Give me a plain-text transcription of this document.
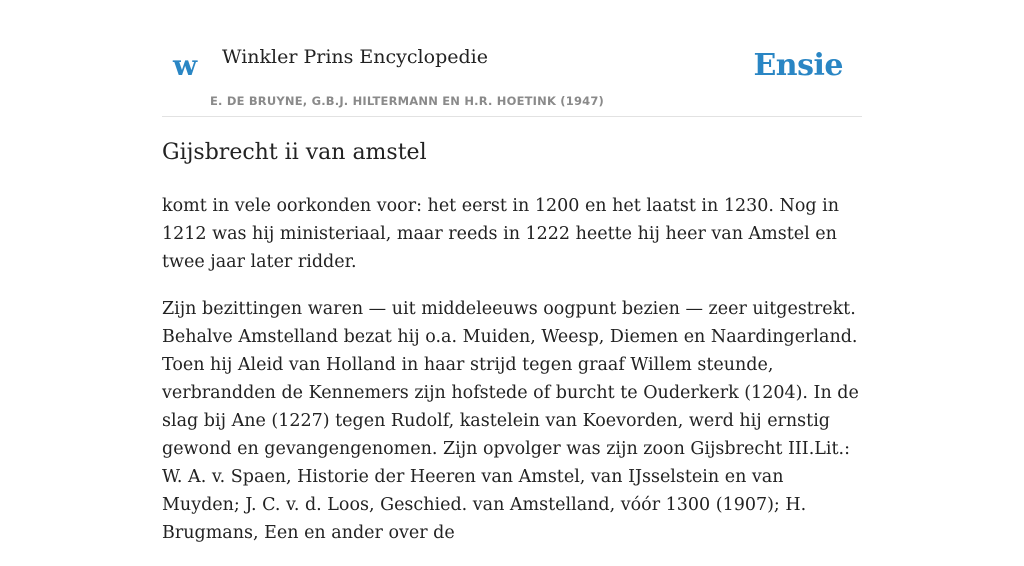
w Winkler Prins Encyclopedie
E. DE BRUYNE, G.B.J. HILTERMANN EN H.R. HOETINK (1947)
Ensie
Gijsbrecht ii van amstel

komt in vele oorkonden voor: het eerst in 1200 en het laatst in 1230. Nog in 1212 was hij ministeriaal, maar reeds in 1222 heette hij heer van Amstel en twee jaar later ridder.

Zijn bezittingen waren — uit middeleeuws oogpunt bezien — zeer uitgestrekt. Behalve Amstelland bezat hij o.a. Muiden, Weesp, Diemen en Naardingerland. Toen hij Aleid van Holland in haar strijd tegen graaf Willem steunde, verbrandden de Kennemers zijn hofstede of burcht te Ouderkerk (1204). In de slag bij Ane (1227) tegen Rudolf, kastelein van Koevorden, werd hij ernstig gewond en gevangengenomen. Zijn opvolger was zijn zoon Gijsbrecht III.Lit.: W. A. v. Spaen, Historie der Heeren van Amstel, van IJsselstein en van Muyden; J. C. v. d. Loos, Geschied. van Amstelland, vóór 1300 (1907); H. Brugmans, Een en ander over de
